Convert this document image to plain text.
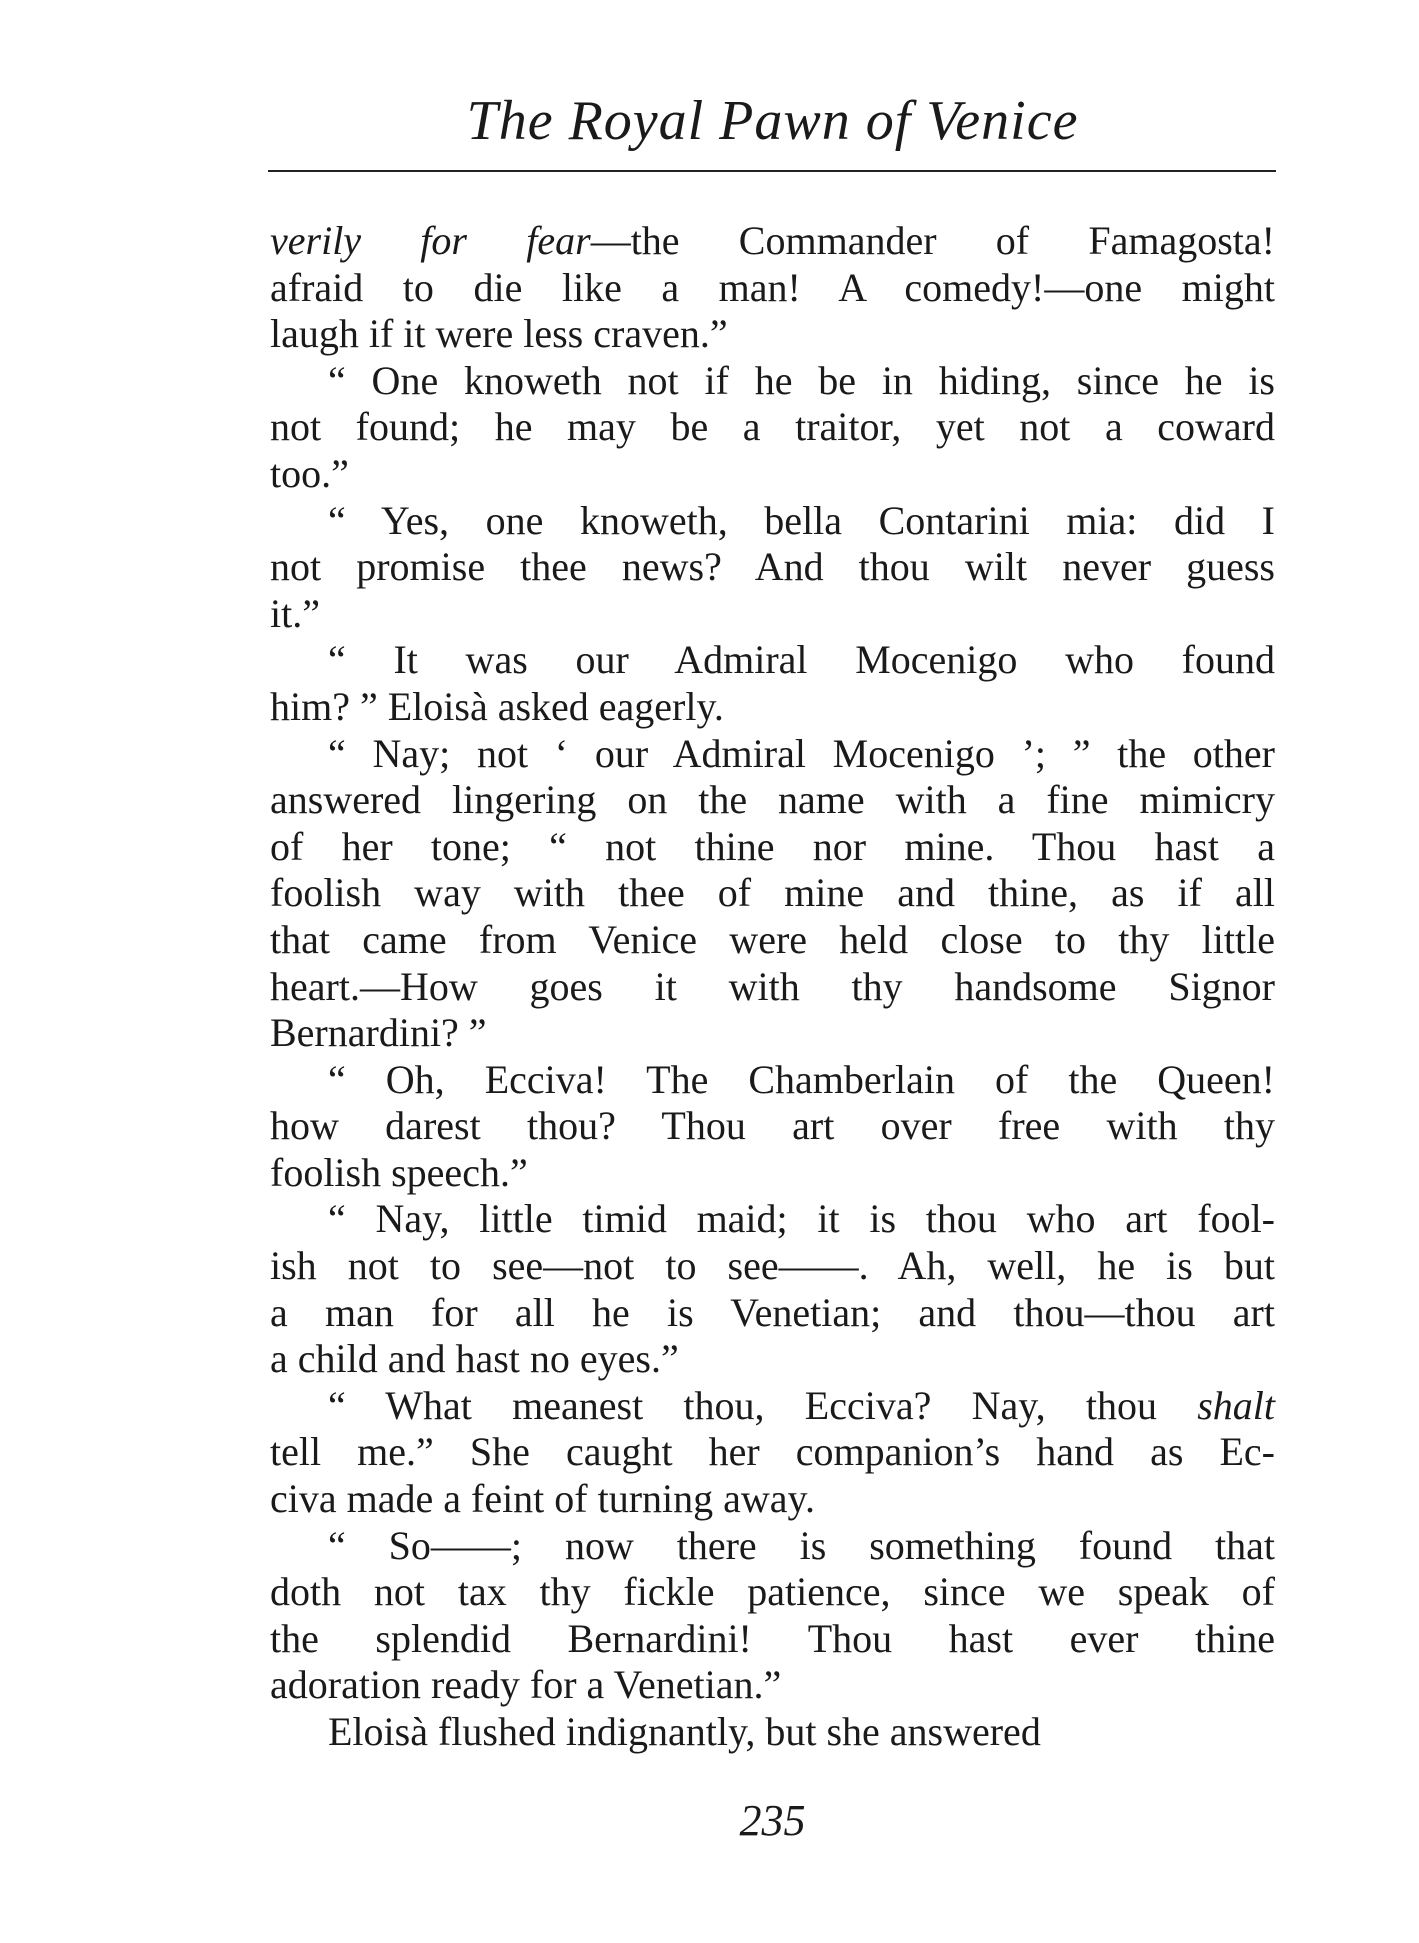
The Royal Pawn of Venice
verily for fear—the Commander of Famagosta!
afraid to die like a man! A comedy!—one might
laugh if it were less craven.”
“ One knoweth not if he be in hiding, since he is
not found; he may be a traitor, yet not a coward
too.”
“ Yes, one knoweth, bella Contarini mia: did I
not promise thee news? And thou wilt never guess
it.”
“ It was our Admiral Mocenigo who found
him? ” Eloisà asked eagerly.
“ Nay; not ‘ our Admiral Mocenigo ’; ” the other
answered lingering on the name with a fine mimicry
of her tone; “ not thine nor mine. Thou hast a
foolish way with thee of mine and thine, as if all
that came from Venice were held close to thy little
heart.—How goes it with thy handsome Signor
Bernardini? ”
“ Oh, Ecciva! The Chamberlain of the Queen!
how darest thou? Thou art over free with thy
foolish speech.”
“ Nay, little timid maid; it is thou who art fool-
ish not to see—not to see——. Ah, well, he is but
a man for all he is Venetian; and thou—thou art
a child and hast no eyes.”
“ What meanest thou, Ecciva? Nay, thou shalt
tell me.” She caught her companion’s hand as Ec-
civa made a feint of turning away.
“ So——; now there is something found that
doth not tax thy fickle patience, since we speak of
the splendid Bernardini! Thou hast ever thine
adoration ready for a Venetian.”
Eloisà flushed indignantly, but she answered
235
